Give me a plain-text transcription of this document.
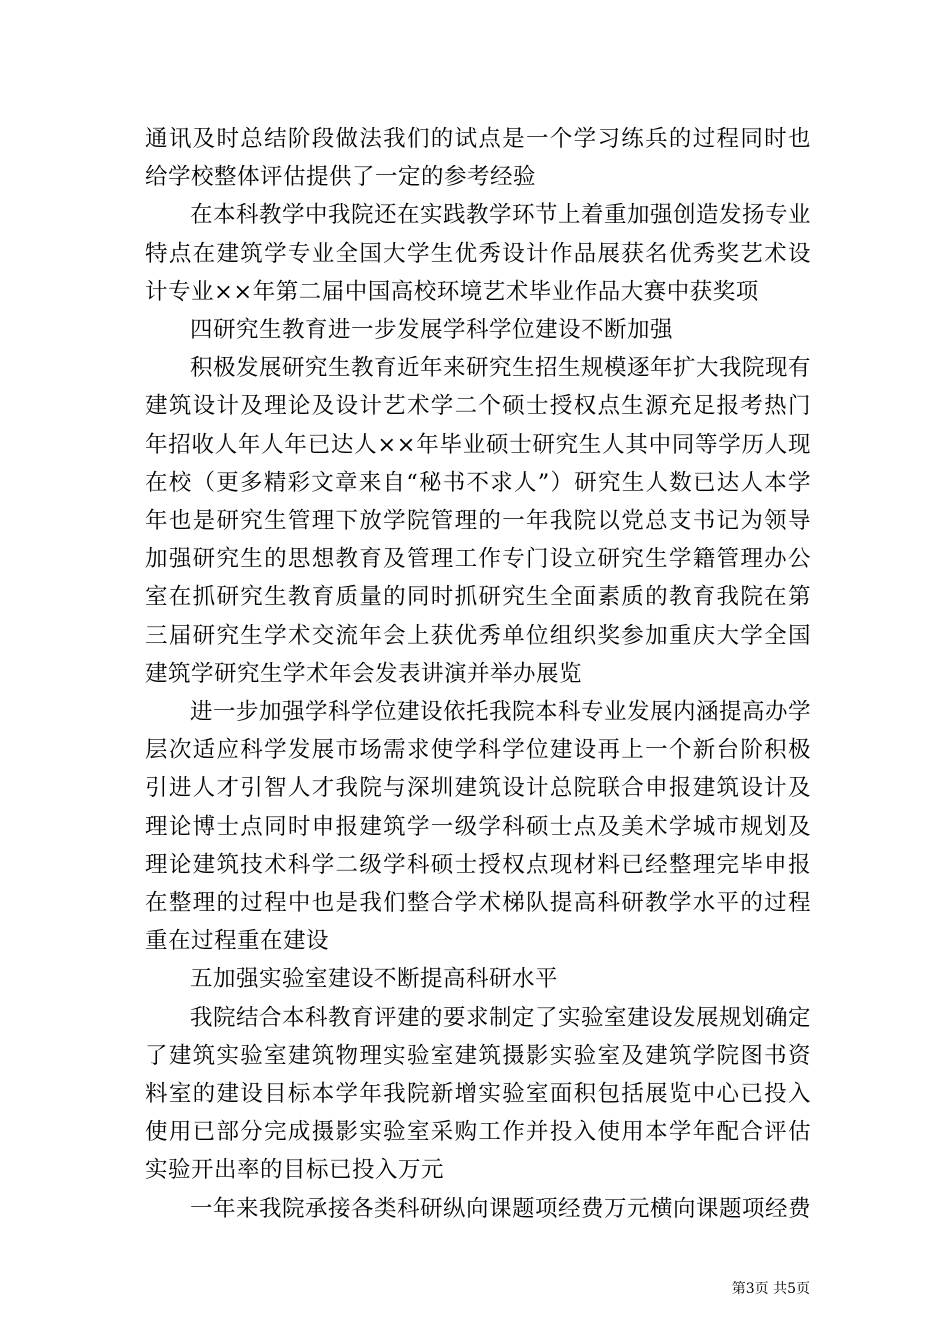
通讯及时总结阶段做法我们的试点是一个学习练兵的过程同时也给学校整体评估提供了一定的参考经验

在本科教学中我院还在实践教学环节上着重加强创造发扬专业特点在建筑学专业全国大学生优秀设计作品展获名优秀奖艺术设计专业××年第二届中国高校环境艺术毕业作品大赛中获奖项

四研究生教育进一步发展学科学位建设不断加强

积极发展研究生教育近年来研究生招生规模逐年扩大我院现有建筑设计及理论及设计艺术学二个硕士授权点生源充足报考热门年招收人年人年已达人××年毕业硕士研究生人其中同等学历人现在校（更多精彩文章来自“秘书不求人”）研究生人数已达人本学年也是研究生管理下放学院管理的一年我院以党总支书记为领导加强研究生的思想教育及管理工作专门设立研究生学籍管理办公室在抓研究生教育质量的同时抓研究生全面素质的教育我院在第三届研究生学术交流年会上获优秀单位组织奖参加重庆大学全国建筑学研究生学术年会发表讲演并举办展览

进一步加强学科学位建设依托我院本科专业发展内涵提高办学层次适应科学发展市场需求使学科学位建设再上一个新台阶积极引进人才引智人才我院与深圳建筑设计总院联合申报建筑设计及理论博士点同时申报建筑学一级学科硕士点及美术学城市规划及理论建筑技术科学二级学科硕士授权点现材料已经整理完毕申报在整理的过程中也是我们整合学术梯队提高科研教学水平的过程重在过程重在建设

五加强实验室建设不断提高科研水平

我院结合本科教育评建的要求制定了实验室建设发展规划确定了建筑实验室建筑物理实验室建筑摄影实验室及建筑学院图书资料室的建设目标本学年我院新增实验室面积包括展览中心已投入使用已部分完成摄影实验室采购工作并投入使用本学年配合评估实验开出率的目标已投入万元

一年来我院承接各类科研纵向课题项经费万元横向课题项经费

第3页 共5页
